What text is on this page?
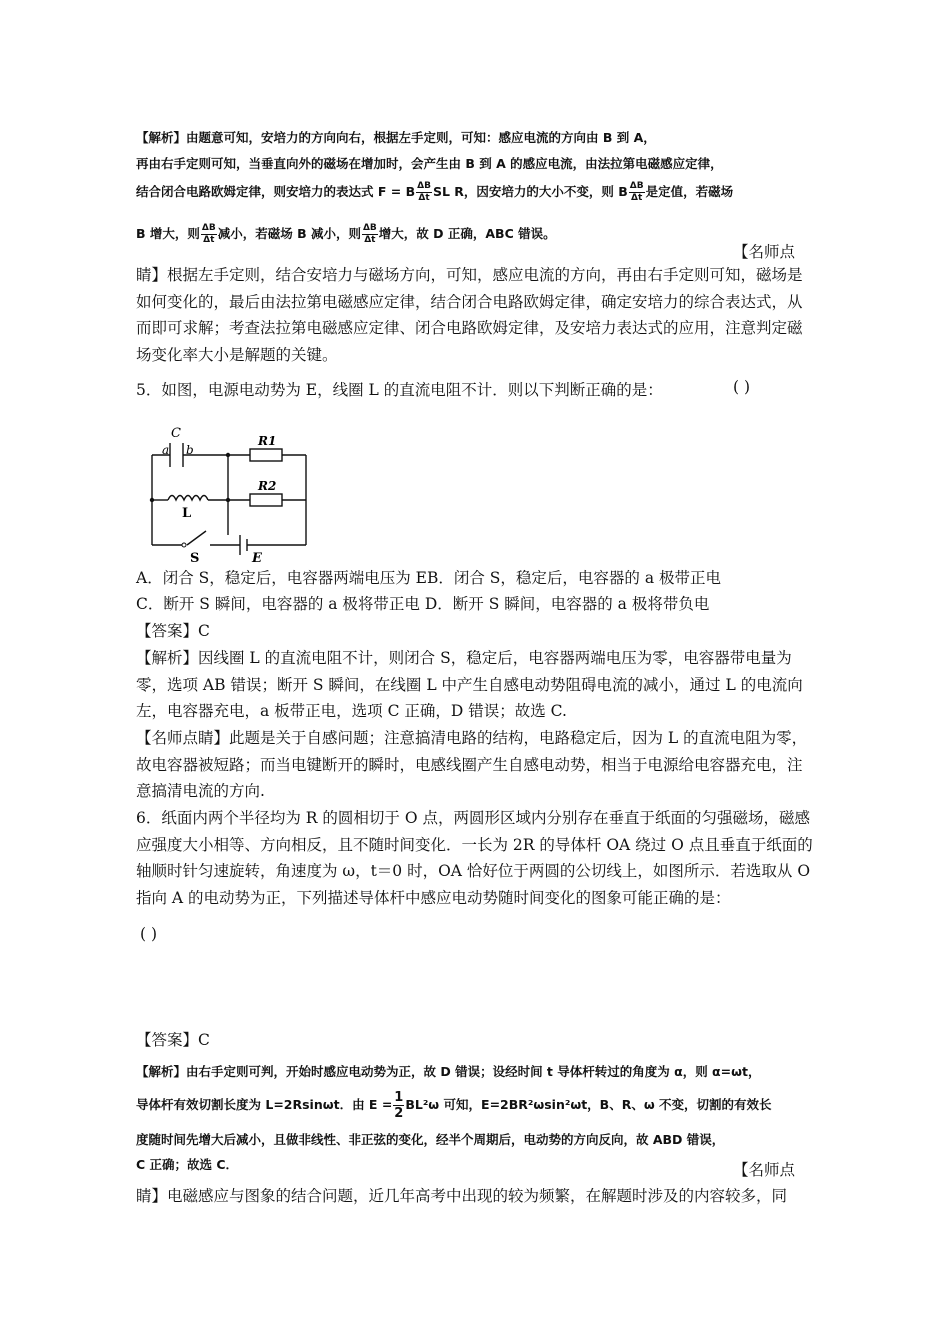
【解析】由题意可知，安培力的方向向右，根据左手定则，可知：感应电流的方向由 B 到 A，
再由右手定则可知，当垂直向外的磁场在增加时，会产生由 B 到 A 的感应电流，由法拉第电磁感应定律，
结合闭合电路欧姆定律，则安培力的表达式 F = B $\frac{\Delta B}{\Delta t}$ SL R，因安培力的大小不变，则 B $\frac{\Delta B}{\Delta t}$ 是定值，若磁场
B 增大，则 $\frac{\Delta B}{\Delta t}$ 减小，若磁场 B 减小，则 $\frac{\Delta B}{\Delta t}$ 增大，故 D 正确，ABC 错误。
【名师点
睛】根据左手定则，结合安培力与磁场方向，可知，感应电流的方向，再由右手定则可知，磁场是如何变化的，最后由法拉第电磁感应定律，结合闭合电路欧姆定律，确定安培力的综合表达式，从而即可求解；考查法拉第电磁感应定律、闭合电路欧姆定律，及安培力表达式的应用，注意判定磁场变化率大小是解题的关键。
5．如图，电源电动势为 E，线圈 L 的直流电阻不计．则以下判断正确的是：	( )
C
a b
R1
R2
L
S	E
A．闭合 S，稳定后，电容器两端电压为 EB．闭合 S，稳定后，电容器的 a 极带正电
C．断开 S 瞬间，电容器的 a 极将带正电 D．断开 S 瞬间，电容器的 a 极将带负电
【答案】C
【解析】因线圈 L 的直流电阻不计，则闭合 S，稳定后，电容器两端电压为零，电容器带电量为零，选项 AB 错误；断开 S 瞬间，在线圈 L 中产生自感电动势阻碍电流的减小，通过 L 的电流向左，电容器充电，a 板带正电，选项 C 正确，D 错误；故选 C.
【名师点睛】此题是关于自感问题；注意搞清电路的结构，电路稳定后，因为 L 的直流电阻为零，故电容器被短路；而当电键断开的瞬时，电感线圈产生自感电动势，相当于电源给电容器充电，注意搞清电流的方向.
6．纸面内两个半径均为 R 的圆相切于 O 点，两圆形区域内分别存在垂直于纸面的匀强磁场，磁感应强度大小相等、方向相反，且不随时间变化．一长为 2R 的导体杆 OA 绕过 O 点且垂直于纸面的轴顺时针匀速旋转，角速度为 ω，t＝0 时，OA 恰好位于两圆的公切线上，如图所示．若选取从 O 指向 A 的电动势为正，下列描述导体杆中感应电动势随时间变化的图象可能正确的是：
( )
【答案】C
【解析】由右手定则可判，开始时感应电动势为正，故 D 错误；设经时间 t 导体杆转过的角度为 α，则 α=ωt，
导体杆有效切割长度为 L=2Rsinωt．由 $E = \frac{1}{2} BL^2\omega$ 可知，E=2BR²ωsin²ωt，B、R、ω 不变，切割的有效长
度随时间先增大后减小，且做非线性、非正弦的变化，经半个周期后，电动势的方向反向，故 ABD 错误，
C 正确；故选 C．	【名师点
睛】电磁感应与图象的结合问题，近几年高考中出现的较为频繁，在解题时涉及的内容较多，同
